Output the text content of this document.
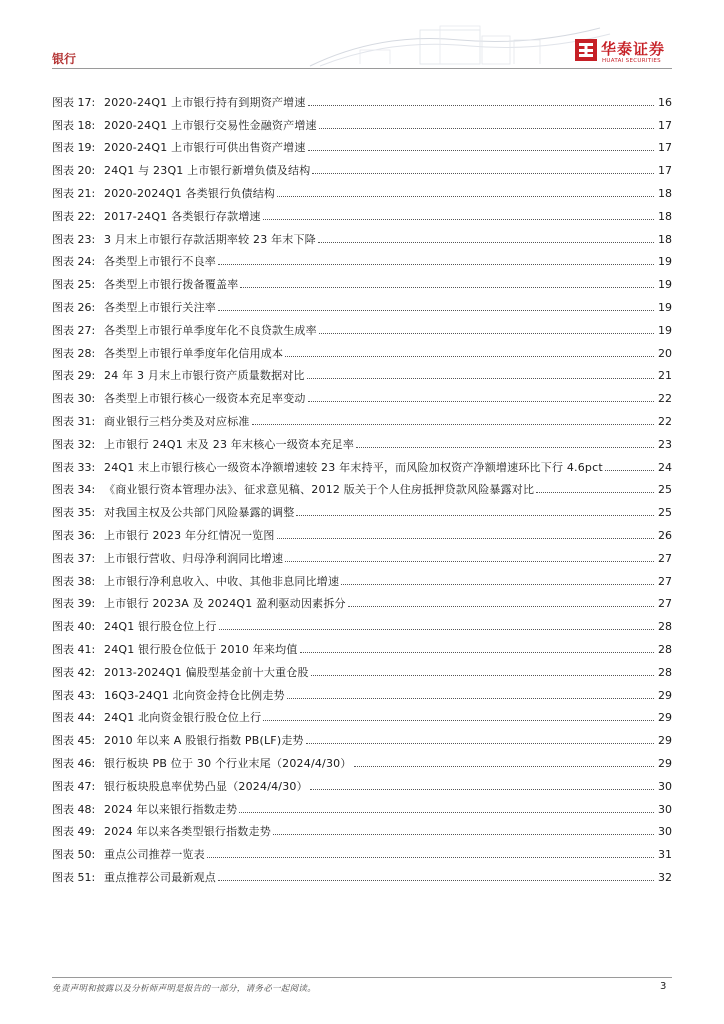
银行
华泰证券
HUATAI SECURITIES
图表 17: 2020-24Q1 上市银行持有到期资产增速	16
图表 18: 2020-24Q1 上市银行交易性金融资产增速	17
图表 19: 2020-24Q1 上市银行可供出售资产增速	17
图表 20: 24Q1 与 23Q1 上市银行新增负债及结构	17
图表 21: 2020-2024Q1 各类银行负债结构	18
图表 22: 2017-24Q1 各类银行存款增速	18
图表 23: 3 月末上市银行存款活期率较 23 年末下降	18
图表 24: 各类型上市银行不良率	19
图表 25: 各类型上市银行拨备覆盖率	19
图表 26: 各类型上市银行关注率	19
图表 27: 各类型上市银行单季度年化不良贷款生成率	19
图表 28: 各类型上市银行单季度年化信用成本	20
图表 29: 24 年 3 月末上市银行资产质量数据对比	21
图表 30: 各类型上市银行核心一级资本充足率变动	22
图表 31: 商业银行三档分类及对应标准	22
图表 32: 上市银行 24Q1 末及 23 年末核心一级资本充足率	23
图表 33: 24Q1 末上市银行核心一级资本净额增速较 23 年末持平，而风险加权资产净额增速环比下行 4.6pct	24
图表 34: 《商业银行资本管理办法》、征求意见稿、2012 版关于个人住房抵押贷款风险暴露对比	25
图表 35: 对我国主权及公共部门风险暴露的调整	25
图表 36: 上市银行 2023 年分红情况一览图	26
图表 37: 上市银行营收、归母净利润同比增速	27
图表 38: 上市银行净利息收入、中收、其他非息同比增速	27
图表 39: 上市银行 2023A 及 2024Q1 盈利驱动因素拆分	27
图表 40: 24Q1 银行股仓位上行	28
图表 41: 24Q1 银行股仓位低于 2010 年来均值	28
图表 42: 2013-2024Q1 偏股型基金前十大重仓股	28
图表 43: 16Q3-24Q1 北向资金持仓比例走势	29
图表 44: 24Q1 北向资金银行股仓位上行	29
图表 45: 2010 年以来 A 股银行指数 PB(LF)走势	29
图表 46: 银行板块 PB 位于 30 个行业末尾（2024/4/30）	29
图表 47: 银行板块股息率优势凸显（2024/4/30）	30
图表 48: 2024 年以来银行指数走势	30
图表 49: 2024 年以来各类型银行指数走势	30
图表 50: 重点公司推荐一览表	31
图表 51: 重点推荐公司最新观点	32
免责声明和披露以及分析师声明是报告的一部分，请务必一起阅读。	3
